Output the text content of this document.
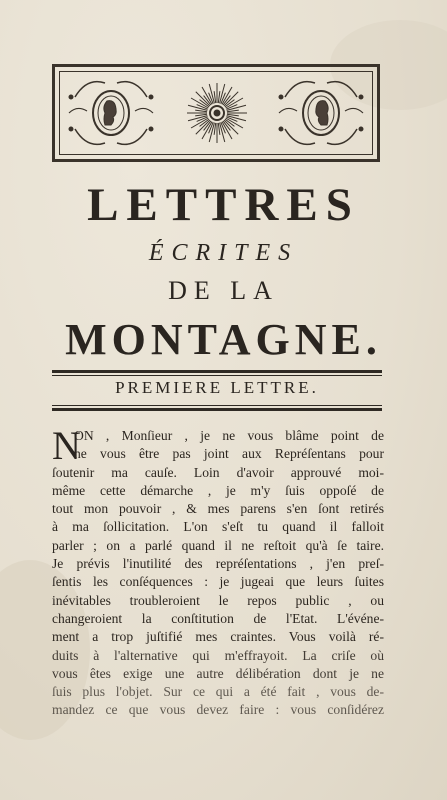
LETTRES
ÉCRITES
DE LA
MONTAGNE.
PREMIERE LETTRE.
N
ON , Monſieur , je ne vous blâme point de
ne vous être pas joint aux Repréſentans pour
ſoutenir ma cauſe. Loin d'avoir approuvé moi-
même cette démarche , je m'y ſuis oppoſé de
tout mon pouvoir , & mes parens s'en ſont retirés
à ma ſollicitation. L'on s'eſt tu quand il falloit
parler ; on a parlé quand il ne reſtoit qu'à ſe taire.
Je prévis l'inutilité des repréſentations , j'en preſ-
ſentis les conſéquences : je jugeai que leurs ſuites
inévitables troubleroient le repos public , ou
changeroient la conſtitution de l'Etat. L'événe-
ment a trop juſtifié mes craintes. Vous voilà ré-
duits à l'alternative qui m'effrayoit. La criſe où
vous êtes exige une autre délibération dont je ne
ſuis plus l'objet. Sur ce qui a été fait , vous de-
mandez ce que vous devez faire : vous conſidérez
